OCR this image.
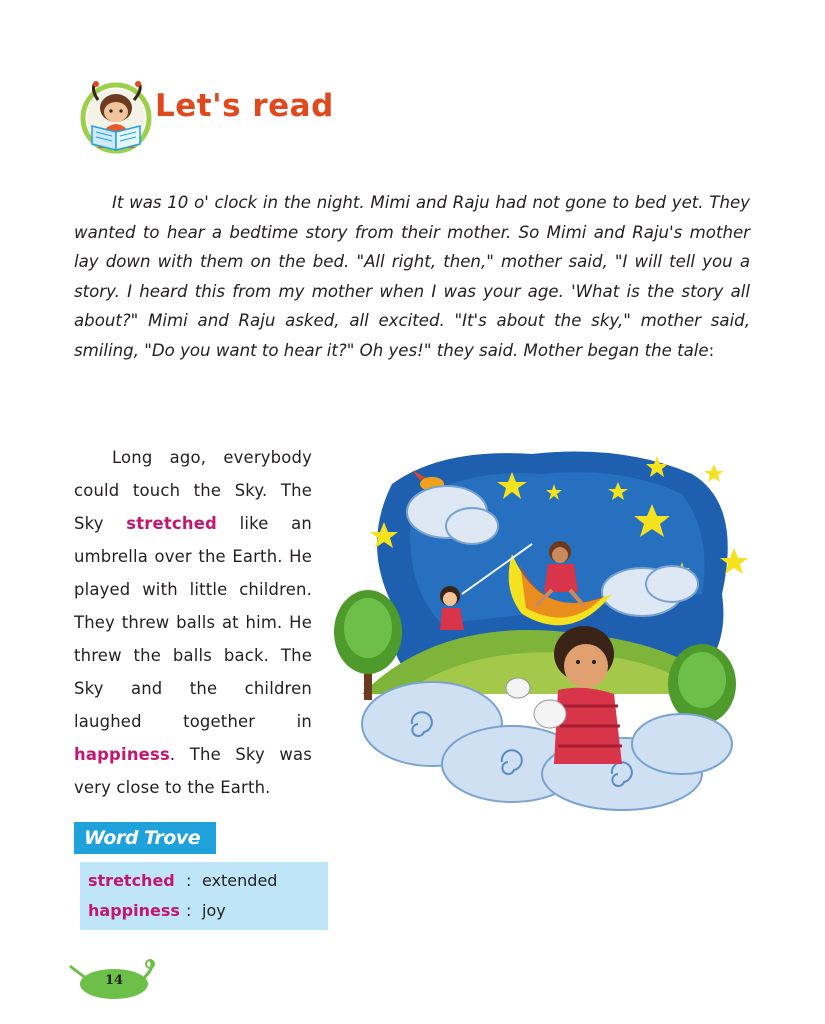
Let's read

It was 10 o' clock in the night. Mimi and Raju had not gone to bed yet. They wanted to hear a bedtime story from their mother. So Mimi and Raju's mother lay down with them on the bed. "All right, then," mother said, "I will tell you a story. I heard this from my mother when I was your age. 'What is the story all about?" Mimi and Raju asked, all excited. "It's about the sky," mother said, smiling, "Do you want to hear it?" Oh yes!" they said. Mother began the tale:

Long ago, everybody could touch the Sky. The Sky stretched like an umbrella over the Earth. He played with little children. They threw balls at him. He threw the balls back. The Sky and the children laughed together in happiness. The Sky was very close to the Earth.

Word Trove
stretched : extended
happiness : joy
14
